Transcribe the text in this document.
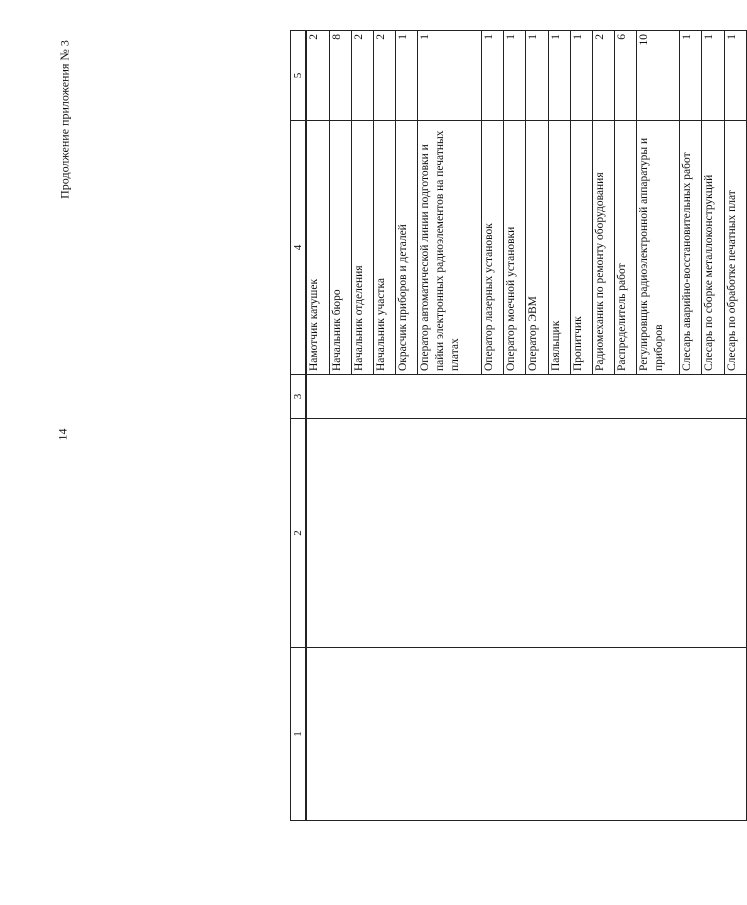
14
Продолжение приложения № 3
1	2	3	4	5
			Намотчик катушек	2
			Начальник бюро	8
			Начальник отделения	2
			Начальник участка	2
			Окрасчик приборов и деталей	1
			Оператор автоматической линии подготовки и пайки электронных радиоэлементов на печатных платах	1
			Оператор лазерных установок	1
			Оператор моечной установки	1
			Оператор ЭВМ	1
			Паяльщик	1
			Пропитчик	1
			Радиомеханик по ремонту оборудования	2
			Распределитель работ	6
			Регулировщик радиоэлектронной аппаратуры и приборов	10
			Слесарь аварийно-восстановительных работ	1
			Слесарь по сборке металлоконструкций	1
			Слесарь по обработке печатных плат	1
